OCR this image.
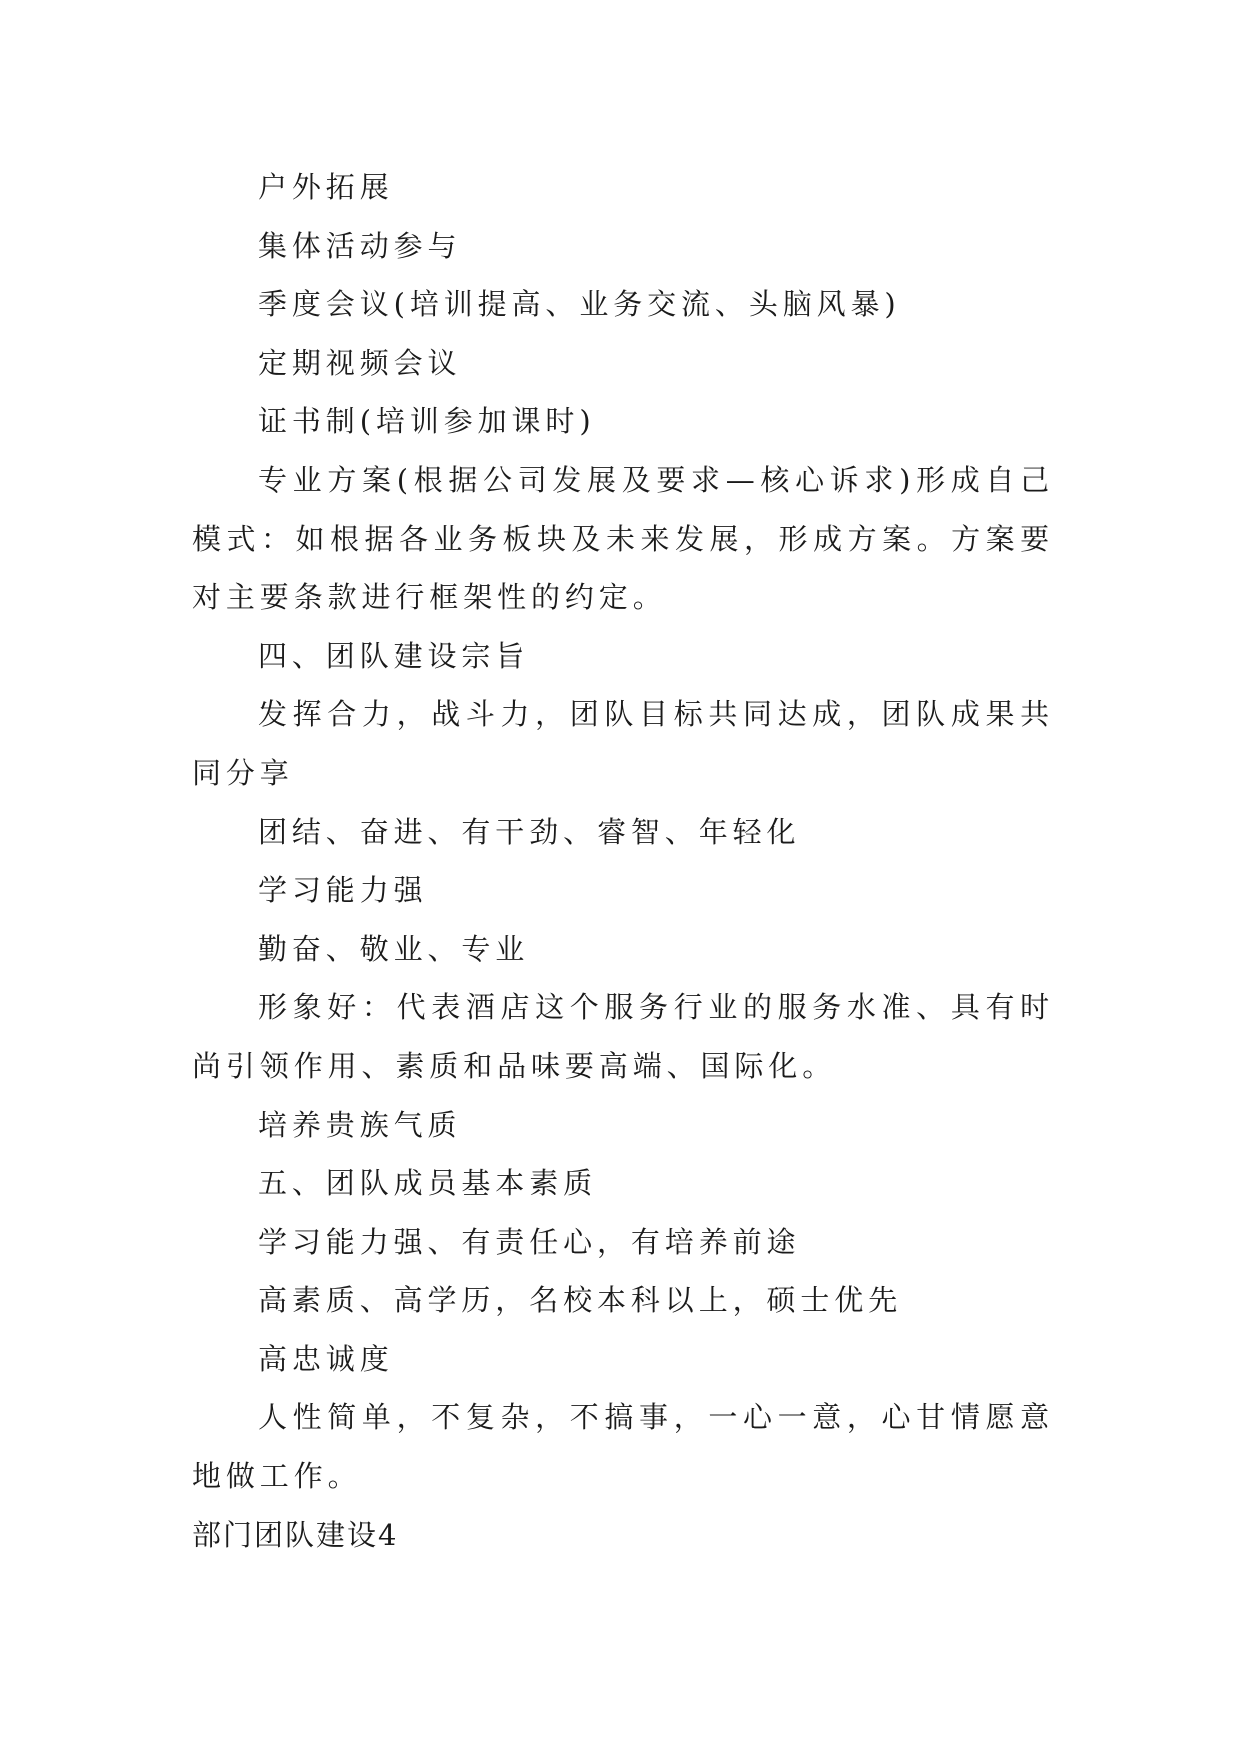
户外拓展

集体活动参与

季度会议(培训提高、业务交流、头脑风暴)

定期视频会议

证书制(培训参加课时)

专业方案(根据公司发展及要求—核心诉求)形成自己模式：如根据各业务板块及未来发展，形成方案。方案要对主要条款进行框架性的约定。

四、团队建设宗旨

发挥合力，战斗力，团队目标共同达成，团队成果共同分享

团结、奋进、有干劲、睿智、年轻化

学习能力强

勤奋、敬业、专业

形象好：代表酒店这个服务行业的服务水准、具有时尚引领作用、素质和品味要高端、国际化。

培养贵族气质

五、团队成员基本素质

学习能力强、有责任心，有培养前途

高素质、高学历，名校本科以上，硕士优先

高忠诚度

人性简单，不复杂，不搞事，一心一意，心甘情愿意地做工作。

部门团队建设4
